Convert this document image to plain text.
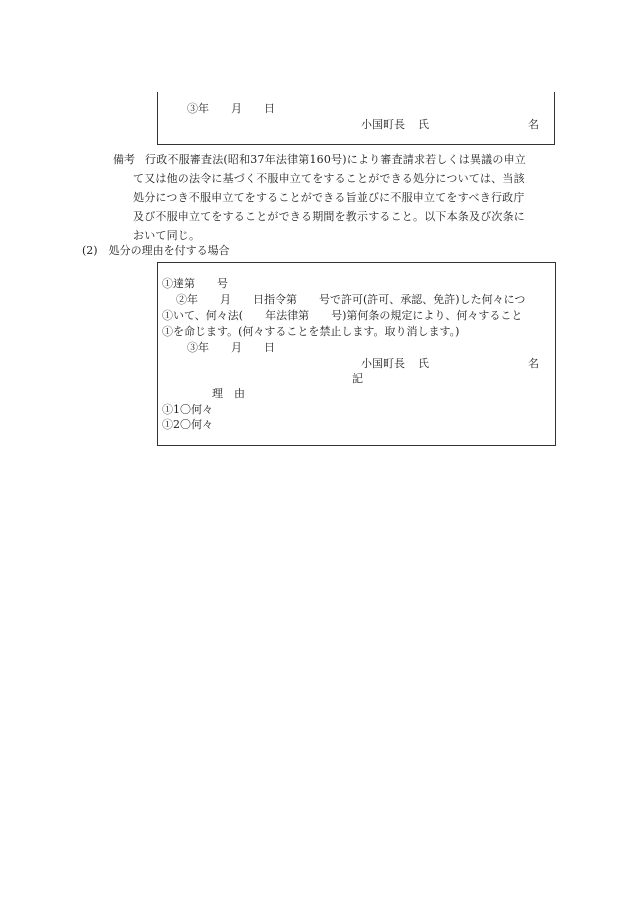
③年　　月　　日
小国町長 氏	名
備考 行政不服審査法(昭和37年法律第160号)により審査請求若しくは異議の申立
て又は他の法令に基づく不服申立てをすることができる処分については、当該
処分につき不服申立てをすることができる旨並びに不服申立てをすべき行政庁
及び不服申立てをすることができる期間を教示すること。以下本条及び次条に
おいて同じ。
(2)　処分の理由を付する場合
①達第　　号
②年　　月　　日指令第　　号で許可(許可、承認、免許)した何々につ
①いて、何々法(　　年法律第　　号)第何条の規定により、何々すること
①を命じます。(何々することを禁止します。取り消します。)
③年　　月　　日
小国町長 氏	名
記
理　由
①1〇何々
①2〇何々
